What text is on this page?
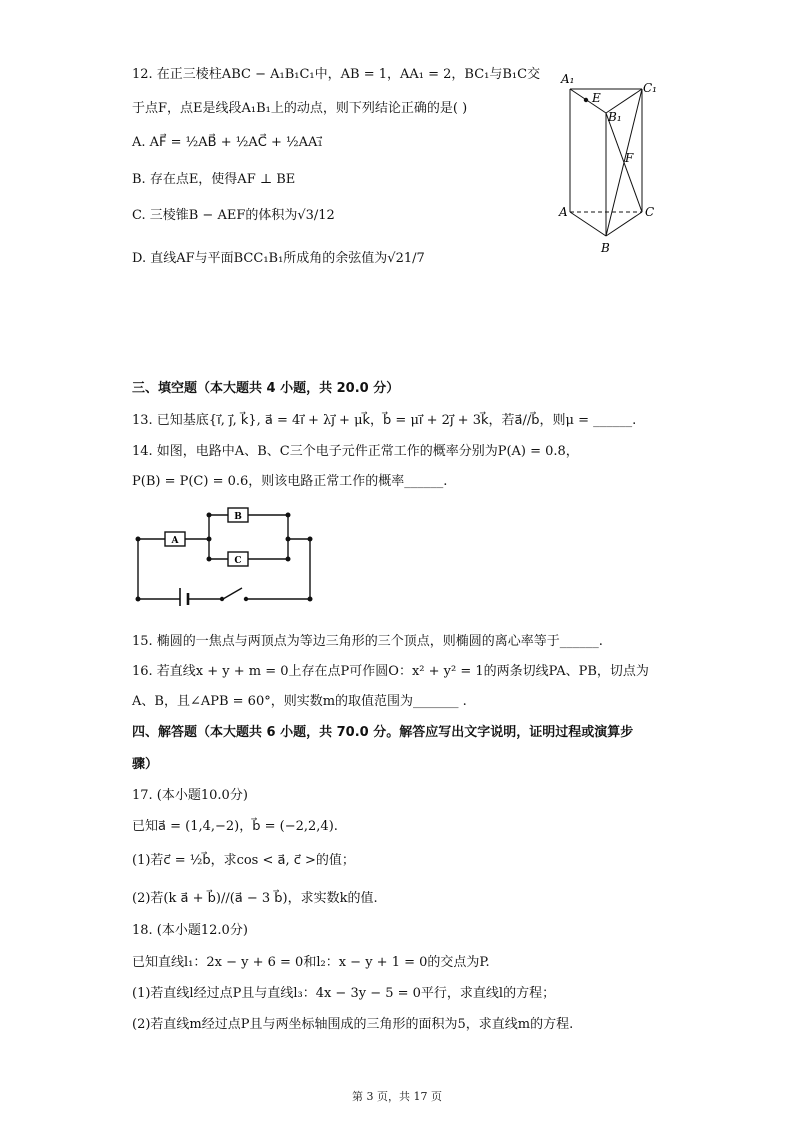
12. 在正三棱柱ABC − A₁B₁C₁中，AB = 1，AA₁ = 2，BC₁与B₁C交
于点F，点E是线段A₁B₁上的动点，则下列结论正确的是( )
A. AF⃗ = ½AB⃗ + ½AC⃗ + ½AA₁⃗
B. 存在点E，使得AF ⊥ BE
C. 三棱锥B − AEF的体积为√3/12
D. 直线AF与平面BCC₁B₁所成角的余弦值为√21/7
A₁
E
C₁
B₁
F
A	C
B
三、填空题（本大题共 4 小题，共 20.0 分）
13. 已知基底{i⃗, j⃗, k⃗}, a⃗ = 4i⃗ + λj⃗ + μk⃗，b⃗ = μi⃗ + 2j⃗ + 3k⃗，若a⃗//b⃗，则μ = ______.
14. 如图，电路中A、B、C三个电子元件正常工作的概率分别为P(A) = 0.8，
P(B) = P(C) = 0.6，则该电路正常工作的概率______.
A
B
C
15. 椭圆的一焦点与两顶点为等边三角形的三个顶点，则椭圆的离心率等于______.
16. 若直线x + y + m = 0上存在点P可作圆O：x² + y² = 1的两条切线PA、PB，切点为
A、B，且∠APB = 60°，则实数m的取值范围为_______ .
四、解答题（本大题共 6 小题，共 70.0 分。解答应写出文字说明，证明过程或演算步
骤）
17. (本小题10.0分)
已知a⃗ = (1,4,−2)，b⃗ = (−2,2,4).
(1)若c⃗ = ½b⃗，求cos < a⃗, c⃗ >的值；
(2)若(k a⃗ + b⃗)//(a⃗ − 3 b⃗)，求实数k的值.
18. (本小题12.0分)
已知直线l₁：2x − y + 6 = 0和l₂：x − y + 1 = 0的交点为P.
(1)若直线l经过点P且与直线l₃：4x − 3y − 5 = 0平行，求直线l的方程；
(2)若直线m经过点P且与两坐标轴围成的三角形的面积为5，求直线m的方程.
第 3 页，共 17 页
